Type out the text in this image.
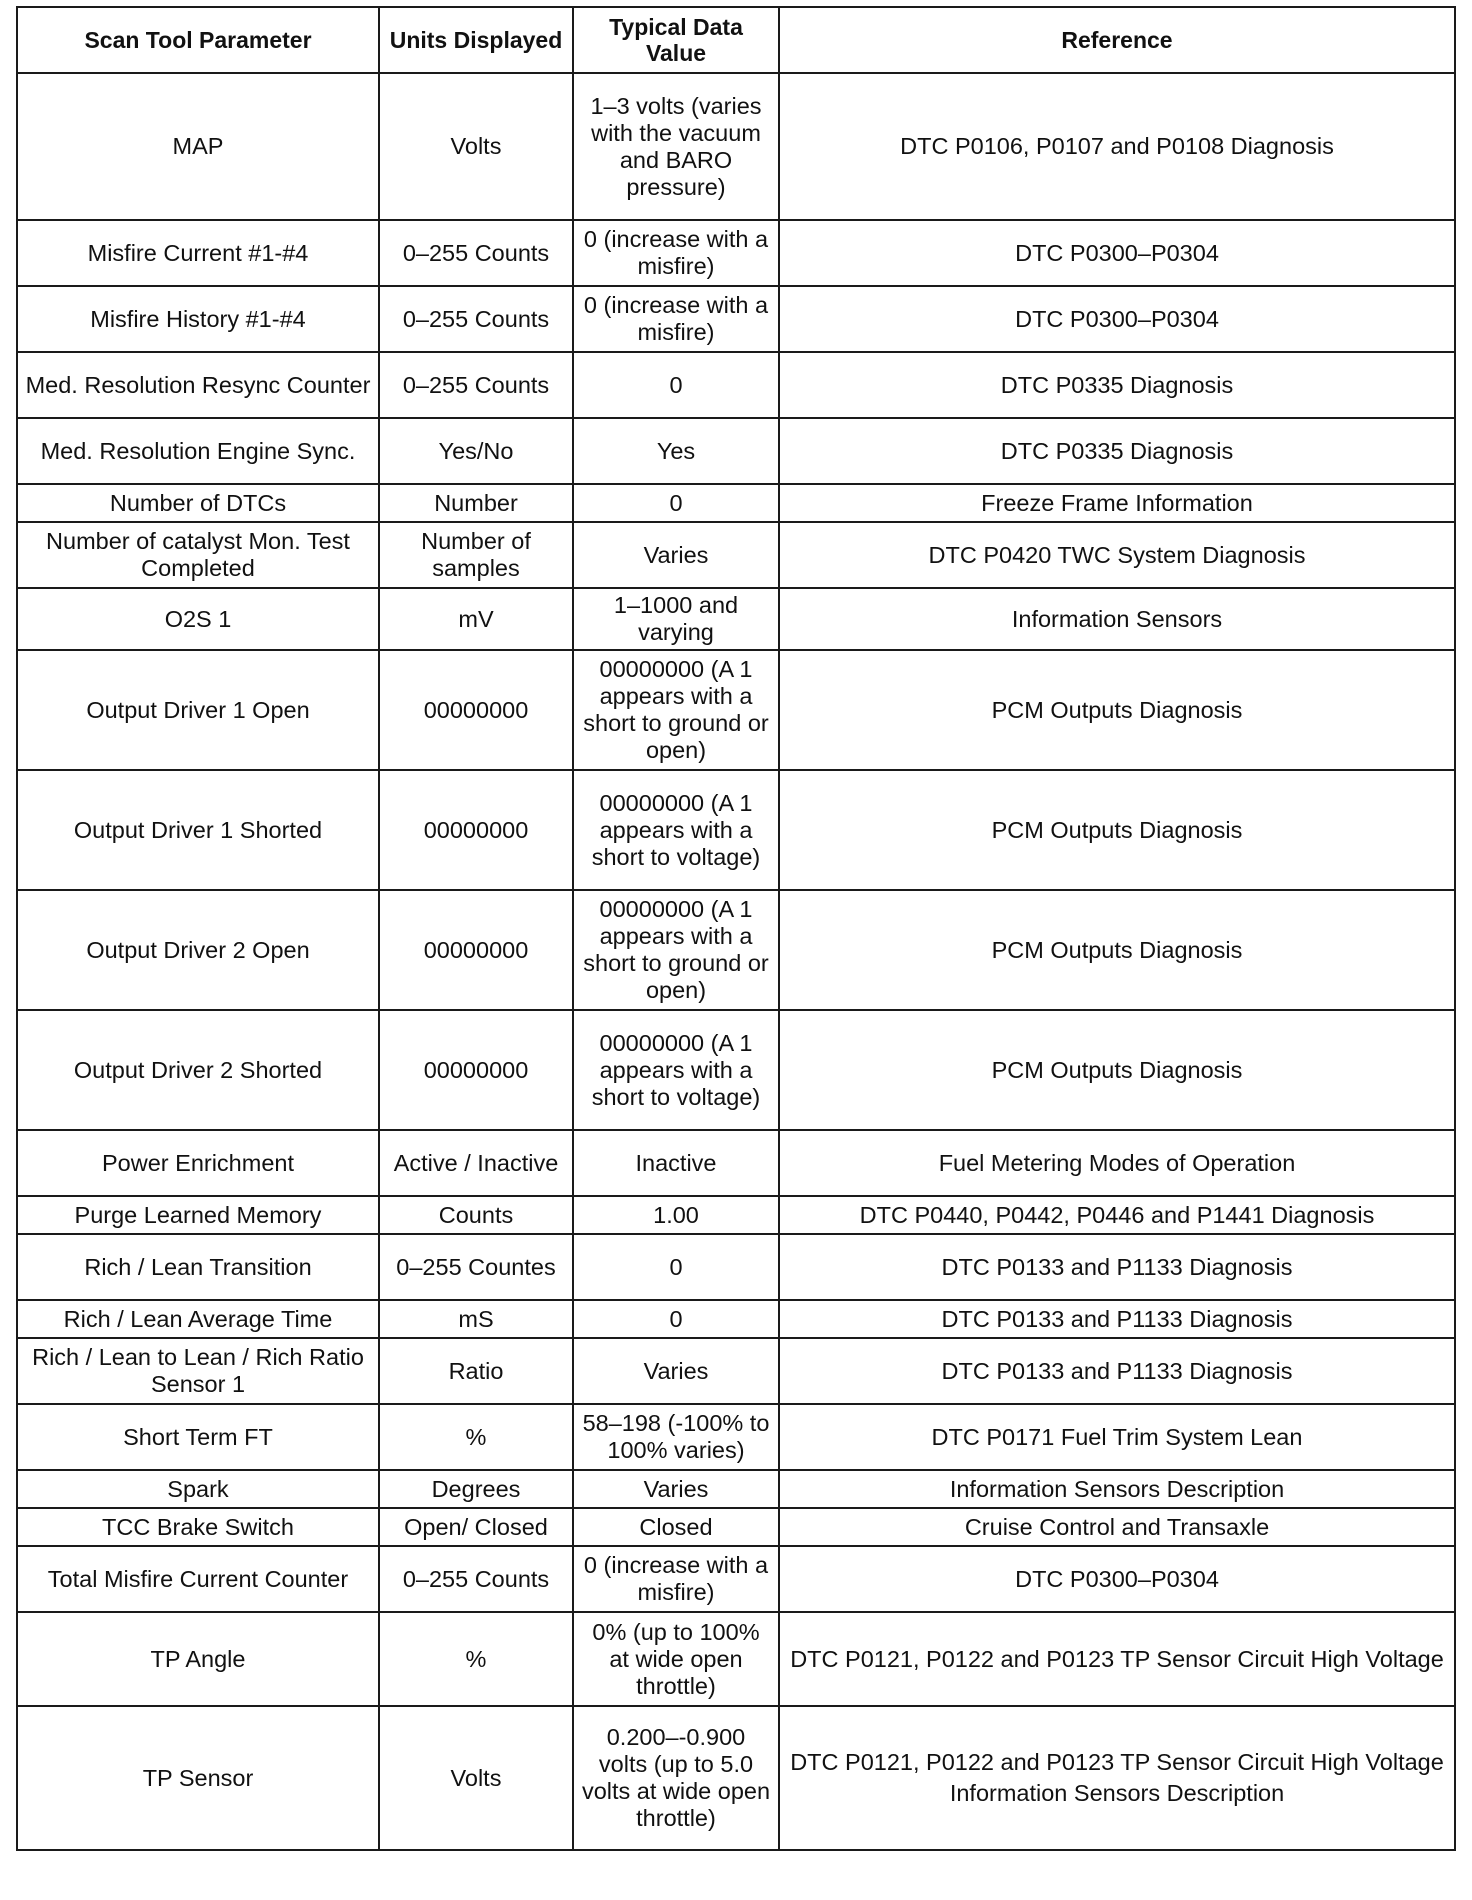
Scan Tool Parameter	Units Displayed	Typical Data Value	Reference
MAP	Volts	1–3 volts (varies with the vacuum and BARO pressure)	DTC P0106, P0107 and P0108 Diagnosis
Misfire Current #1-#4	0–255 Counts	0 (increase with a misfire)	DTC P0300–P0304
Misfire History #1-#4	0–255 Counts	0 (increase with a misfire)	DTC P0300–P0304
Med. Resolution Resync Counter	0–255 Counts	0	DTC P0335 Diagnosis
Med. Resolution Engine Sync.	Yes/No	Yes	DTC P0335 Diagnosis
Number of DTCs	Number	0	Freeze Frame Information
Number of catalyst Mon. Test Completed	Number of samples	Varies	DTC P0420 TWC System Diagnosis
O2S 1	mV	1–1000 and varying	Information Sensors
Output Driver 1 Open	00000000	00000000 (A 1 appears with a short to ground or open)	PCM Outputs Diagnosis
Output Driver 1 Shorted	00000000	00000000 (A 1 appears with a short to voltage)	PCM Outputs Diagnosis
Output Driver 2 Open	00000000	00000000 (A 1 appears with a short to ground or open)	PCM Outputs Diagnosis
Output Driver 2 Shorted	00000000	00000000 (A 1 appears with a short to voltage)	PCM Outputs Diagnosis
Power Enrichment	Active / Inactive	Inactive	Fuel Metering Modes of Operation
Purge Learned Memory	Counts	1.00	DTC P0440, P0442, P0446 and P1441 Diagnosis
Rich / Lean Transition	0–255 Countes	0	DTC P0133 and P1133 Diagnosis
Rich / Lean Average Time	mS	0	DTC P0133 and P1133 Diagnosis
Rich / Lean to Lean / Rich Ratio Sensor 1	Ratio	Varies	DTC P0133 and P1133 Diagnosis
Short Term FT	%	58–198 (-100% to 100% varies)	DTC P0171 Fuel Trim System Lean
Spark	Degrees	Varies	Information Sensors Description
TCC Brake Switch	Open/ Closed	Closed	Cruise Control and Transaxle
Total Misfire Current Counter	0–255 Counts	0 (increase with a misfire)	DTC P0300–P0304
TP Angle	%	0% (up to 100% at wide open throttle)	DTC P0121, P0122 and P0123 TP Sensor Circuit High Voltage
TP Sensor	Volts	0.200–-0.900 volts (up to 5.0 volts at wide open throttle)	DTC P0121, P0122 and P0123 TP Sensor Circuit High Voltage
Information Sensors Description
